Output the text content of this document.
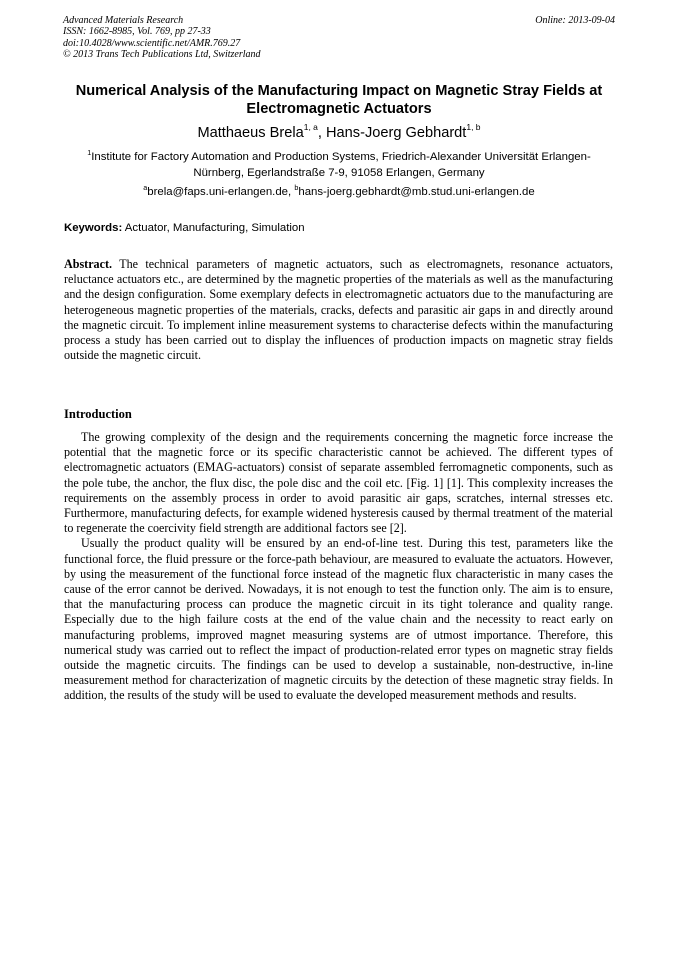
Advanced Materials Research
ISSN: 1662-8985, Vol. 769, pp 27-33
doi:10.4028/www.scientific.net/AMR.769.27
© 2013 Trans Tech Publications Ltd, Switzerland
Online: 2013-09-04
Numerical Analysis of the Manufacturing Impact on Magnetic Stray Fields at Electromagnetic Actuators
Matthaeus Brela$^{1, a}$, Hans-Joerg Gebhardt$^{1, b}$
$^1$Institute for Factory Automation and Production Systems, Friedrich-Alexander Universität Erlangen-Nürnberg, Egerlandstraße 7-9, 91058 Erlangen, Germany
$^a$brela@faps.uni-erlangen.de, $^b$hans-joerg.gebhardt@mb.stud.uni-erlangen.de
Keywords: Actuator, Manufacturing, Simulation
Abstract. The technical parameters of magnetic actuators, such as electromagnets, resonance actuators, reluctance actuators etc., are determined by the magnetic properties of the materials as well as the manufacturing and the design configuration. Some exemplary defects in electromagnetic actuators due to the manufacturing are heterogeneous magnetic properties of the materials, cracks, defects and parasitic air gaps in and directly around the magnetic circuit. To implement inline measurement systems to characterise defects within the manufacturing process a study has been carried out to display the influences of production impacts on magnetic stray fields outside the magnetic circuit.
Introduction

The growing complexity of the design and the requirements concerning the magnetic force increase the potential that the magnetic force or its specific characteristic cannot be achieved. The different types of electromagnetic actuators (EMAG-actuators) consist of separate assembled ferromagnetic components, such as the pole tube, the anchor, the flux disc, the pole disc and the coil etc. [Fig. 1] [1]. This complexity increases the requirements on the assembly process in order to avoid parasitic air gaps, scratches, internal stresses etc. Furthermore, manufacturing defects, for example widened hysteresis caused by thermal treatment of the material to regenerate the coercivity field strength are additional factors see [2].

Usually the product quality will be ensured by an end-of-line test. During this test, parameters like the functional force, the fluid pressure or the force-path behaviour, are measured to evaluate the actuators. However, by using the measurement of the functional force instead of the magnetic flux characteristic in many cases the cause of the error cannot be derived. Nowadays, it is not enough to test the function only. The aim is to ensure, that the manufacturing process can produce the magnetic circuit in its tight tolerance and quality range. Especially due to the high failure costs at the end of the value chain and the necessity to react early on manufacturing problems, improved magnet measuring systems are of utmost importance. Therefore, this numerical study was carried out to reflect the impact of production-related error types on magnetic stray fields outside the magnetic circuits. The findings can be used to develop a sustainable, non-destructive, in-line measurement method for characterization of magnetic circuits by the detection of these magnetic stray fields. In addition, the results of the study will be used to evaluate the developed measurement methods and results.
